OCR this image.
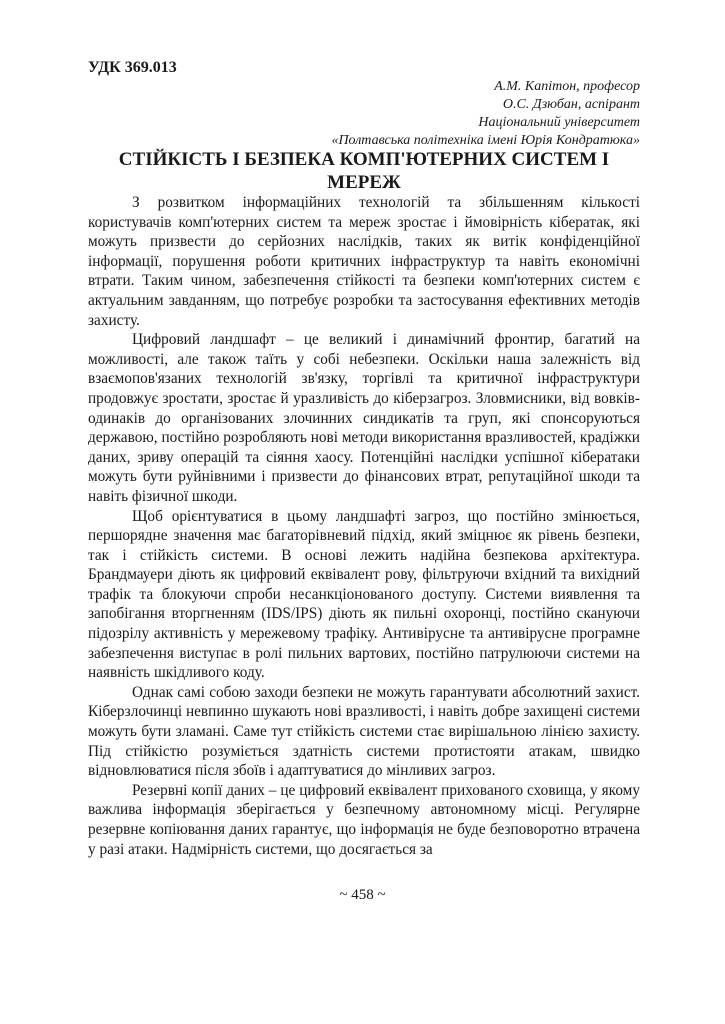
УДК 369.013
А.М. Капітон, професор
О.С. Дзюбан, аспірант
Національний університет
«Полтавська політехніка імені Юрія Кондратюка»
СТІЙКІСТЬ І БЕЗПЕКА КОМП'ЮТЕРНИХ СИСТЕМ І МЕРЕЖ

З розвитком інформаційних технологій та збільшенням кількості користувачів комп'ютерних систем та мереж зростає і ймовірність кібератак, які можуть призвести до серйозних наслідків, таких як витік конфіденційної інформації, порушення роботи критичних інфраструктур та навіть економічні втрати. Таким чином, забезпечення стійкості та безпеки комп'ютерних систем є актуальним завданням, що потребує розробки та застосування ефективних методів захисту.

Цифровий ландшафт – це великий і динамічний фронтир, багатий на можливості, але також таїть у собі небезпеки. Оскільки наша залежність від взаємопов'язаних технологій зв'язку, торгівлі та критичної інфраструктури продовжує зростати, зростає й уразливість до кіберзагроз. Зловмисники, від вовків-одинаків до організованих злочинних синдикатів та груп, які спонсоруються державою, постійно розробляють нові методи використання вразливостей, крадіжки даних, зриву операцій та сіяння хаосу. Потенційні наслідки успішної кібератаки можуть бути руйнівними і призвести до фінансових втрат, репутаційної шкоди та навіть фізичної шкоди.

Щоб орієнтуватися в цьому ландшафті загроз, що постійно змінюється, першорядне значення має багаторівневий підхід, який зміцнює як рівень безпеки, так і стійкість системи. В основі лежить надійна безпекова архітектура. Брандмауери діють як цифровий еквівалент рову, фільтруючи вхідний та вихідний трафік та блокуючи спроби несанкціонованого доступу. Системи виявлення та запобігання вторгненням (IDS/IPS) діють як пильні охоронці, постійно скануючи підозрілу активність у мережевому трафіку. Антивірусне та антивірусне програмне забезпечення виступає в ролі пильних вартових, постійно патрулюючи системи на наявність шкідливого коду.

Однак самі собою заходи безпеки не можуть гарантувати абсолютний захист. Кіберзлочинці невпинно шукають нові вразливості, і навіть добре захищені системи можуть бути зламані. Саме тут стійкість системи стає вирішальною лінією захисту. Під стійкістю розуміється здатність системи протистояти атакам, швидко відновлюватися після збоїв і адаптуватися до мінливих загроз.

Резервні копії даних – це цифровий еквівалент прихованого сховища, у якому важлива інформація зберігається у безпечному автономному місці. Регулярне резервне копіювання даних гарантує, що інформація не буде безповоротно втрачена у разі атаки. Надмірність системи, що досягається за

~ 458 ~
